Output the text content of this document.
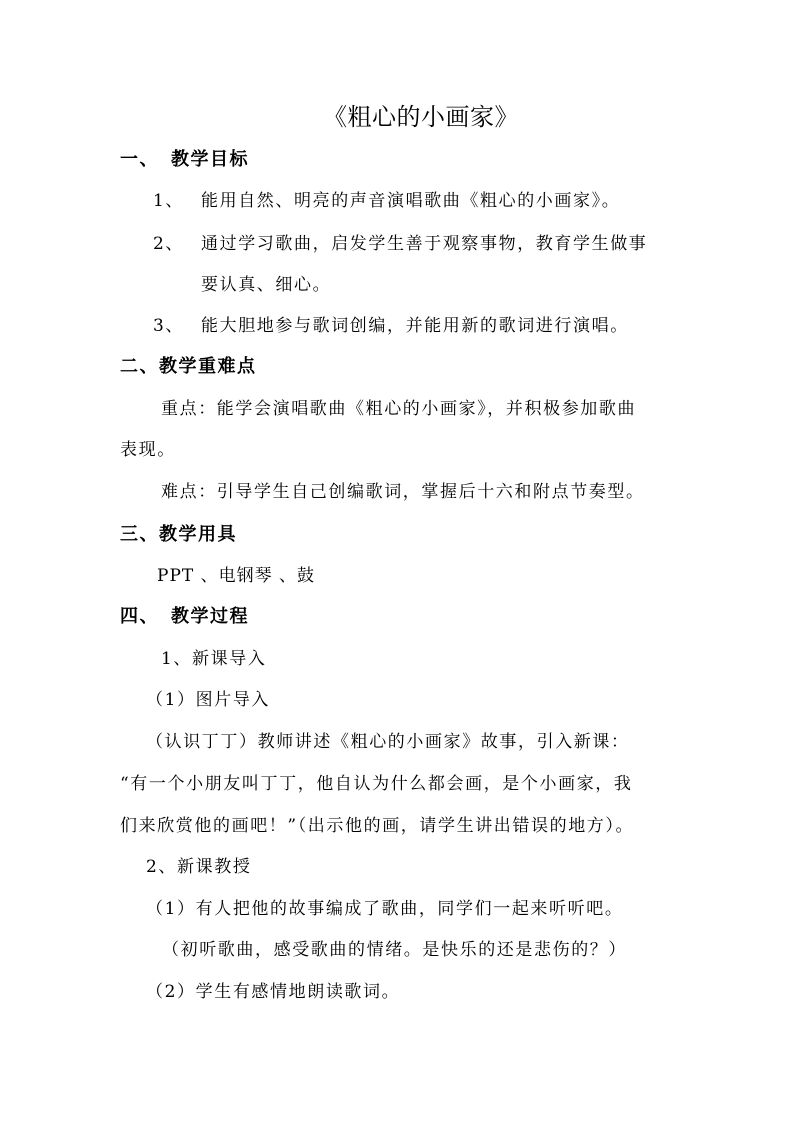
《粗心的小画家》
一、 教学目标
1、 能用自然、明亮的声音演唱歌曲《粗心的小画家》。
2、 通过学习歌曲，启发学生善于观察事物，教育学生做事
要认真、细心。
3、 能大胆地参与歌词创编，并能用新的歌词进行演唱。
二、教学重难点
重点：能学会演唱歌曲《粗心的小画家》，并积极参加歌曲
表现。
难点：引导学生自己创编歌词，掌握后十六和附点节奏型。
三、教学用具
PPT 、电钢琴 、鼓
四、 教学过程
1、新课导入
（1）图片导入
（认识丁丁）教师讲述《粗心的小画家》故事，引入新课：
“有一个小朋友叫丁丁，他自认为什么都会画，是个小画家，我
们来欣赏他的画吧！”（出示他的画，请学生讲出错误的地方）。
2、新课教授
（1）有人把他的故事编成了歌曲，同学们一起来听听吧。
（初听歌曲，感受歌曲的情绪。是快乐的还是悲伤的？）
（2）学生有感情地朗读歌词。
